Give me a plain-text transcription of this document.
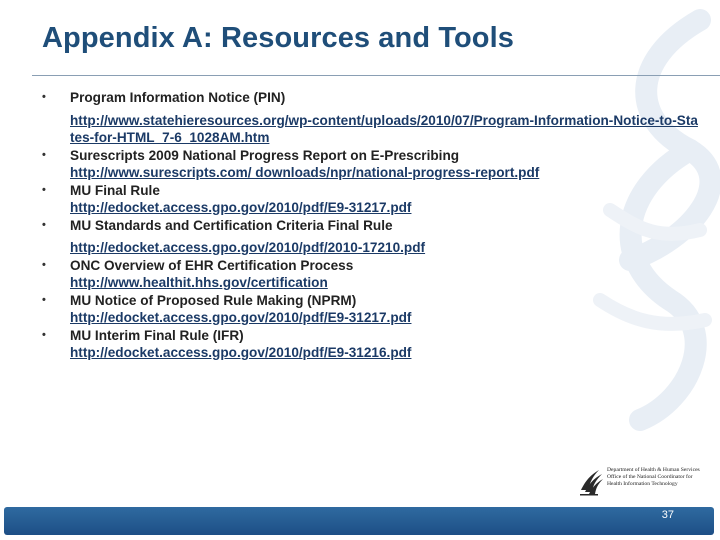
Appendix A: Resources and Tools
• Program Information Notice (PIN)
http://www.statehieresources.org/wp-content/uploads/2010/07/Program-Information-Notice-to-States-for-HTML_7-6_1028AM.htm
• Surescripts 2009 National Progress Report on E-Prescribing
http://www.surescripts.com/ downloads/npr/national-progress-report.pdf
• MU Final Rule
http://edocket.access.gpo.gov/2010/pdf/E9-31217.pdf
• MU Standards and Certification Criteria Final Rule
http://edocket.access.gpo.gov/2010/pdf/2010-17210.pdf
• ONC Overview of EHR Certification Process
http://www.healthit.hhs.gov/certification
• MU Notice of Proposed Rule Making (NPRM)
http://edocket.access.gpo.gov/2010/pdf/E9-31217.pdf
• MU Interim Final Rule (IFR)
http://edocket.access.gpo.gov/2010/pdf/E9-31216.pdf
Department of Health & Human Services
Office of the National Coordinator for
Health Information Technology
37
